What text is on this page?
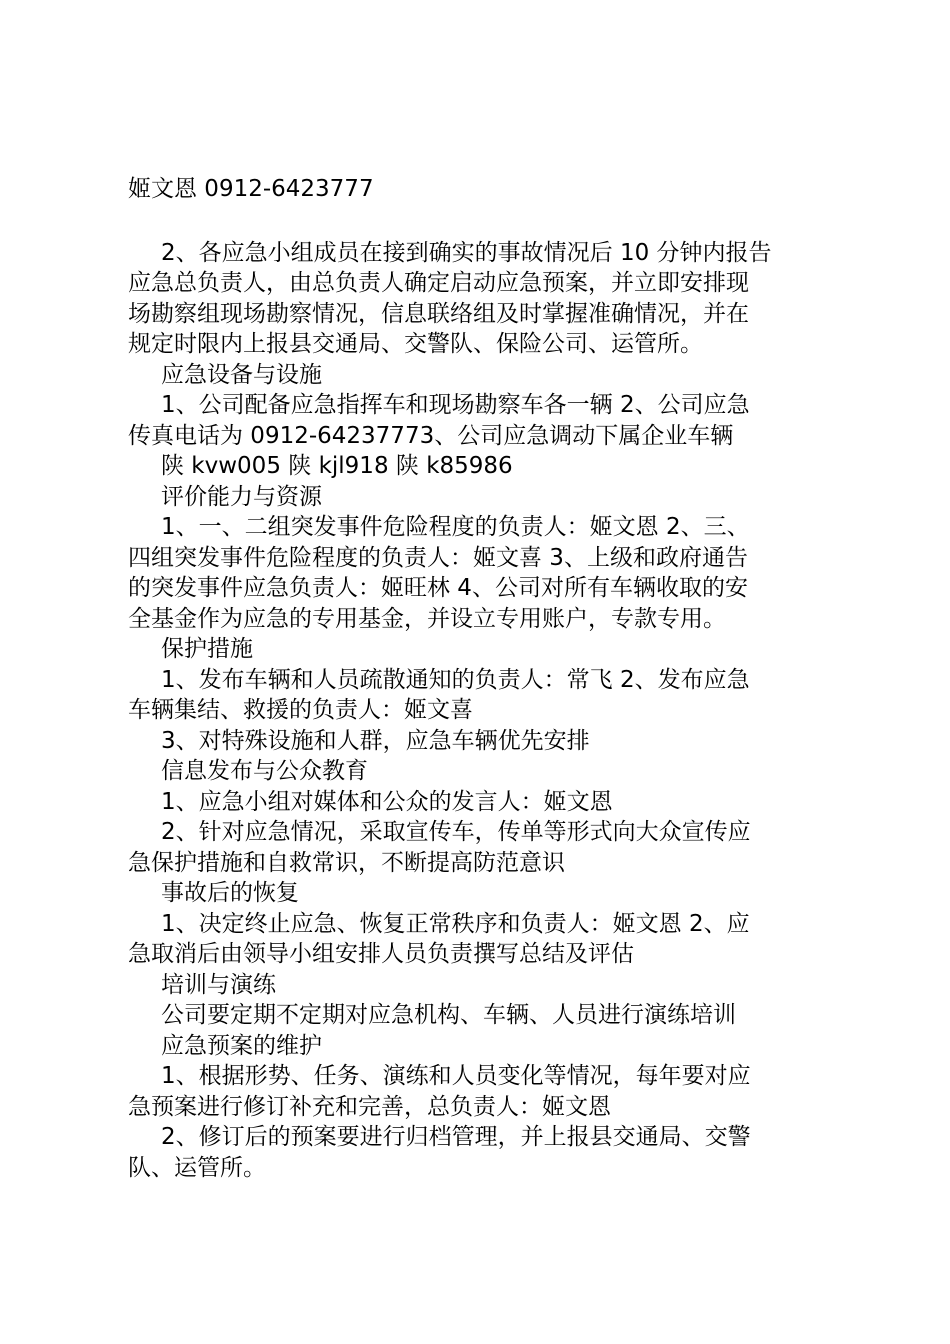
姬文恩 0912-6423777

2、各应急小组成员在接到确实的事故情况后 10 分钟内报告

应急总负责人，由总负责人确定启动应急预案，并立即安排现

场勘察组现场勘察情况，信息联络组及时掌握准确情况，并在

规定时限内上报县交通局、交警队、保险公司、运管所。

应急设备与设施

1、公司配备应急指挥车和现场勘察车各一辆 2、公司应急

传真电话为 0912-64237773、公司应急调动下属企业车辆

陕 kvw005 陕 kjl918 陕 k85986

评价能力与资源

1、一、二组突发事件危险程度的负责人：姬文恩 2、三、

四组突发事件危险程度的负责人：姬文喜 3、上级和政府通告

的突发事件应急负责人：姬旺林 4、公司对所有车辆收取的安

全基金作为应急的专用基金，并设立专用账户，专款专用。

保护措施

1、发布车辆和人员疏散通知的负责人：常飞 2、发布应急

车辆集结、救援的负责人：姬文喜

3、对特殊设施和人群，应急车辆优先安排

信息发布与公众教育

1、应急小组对媒体和公众的发言人：姬文恩

2、针对应急情况，采取宣传车，传单等形式向大众宣传应

急保护措施和自救常识，不断提高防范意识

事故后的恢复

1、决定终止应急、恢复正常秩序和负责人：姬文恩 2、应

急取消后由领导小组安排人员负责撰写总结及评估

培训与演练

公司要定期不定期对应急机构、车辆、人员进行演练培训

应急预案的维护

1、根据形势、任务、演练和人员变化等情况，每年要对应

急预案进行修订补充和完善，总负责人：姬文恩

2、修订后的预案要进行归档管理，并上报县交通局、交警

队、运管所。
